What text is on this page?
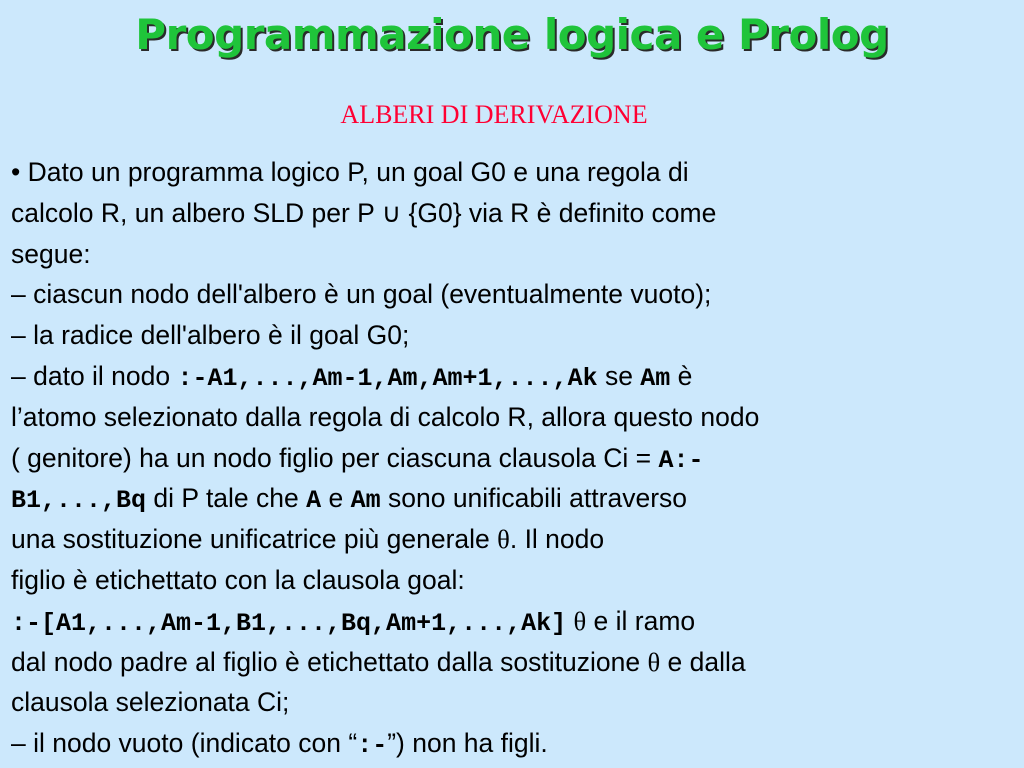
Programmazione logica e Prolog
ALBERI DI DERIVAZIONE
• Dato un programma logico P, un goal G0 e una regola di
calcolo R, un albero SLD per P ∪ {G0} via R è definito come
segue:
– ciascun nodo dell'albero è un goal (eventualmente vuoto);
– la radice dell'albero è il goal G0;
– dato il nodo :-A1,...,Am-1,Am,Am+1,...,Ak se Am è
l’atomo selezionato dalla regola di calcolo R, allora questo nodo
( genitore) ha un nodo figlio per ciascuna clausola Ci = A:-
B1,...,Bq di P tale che A e Am sono unificabili attraverso
una sostituzione unificatrice più generale θ. Il nodo
figlio è etichettato con la clausola goal:
:-[A1,...,Am-1,B1,...,Bq,Am+1,...,Ak] θ e il ramo
dal nodo padre al figlio è etichettato dalla sostituzione θ e dalla
clausola selezionata Ci;
– il nodo vuoto (indicato con “:-”) non ha figli.
